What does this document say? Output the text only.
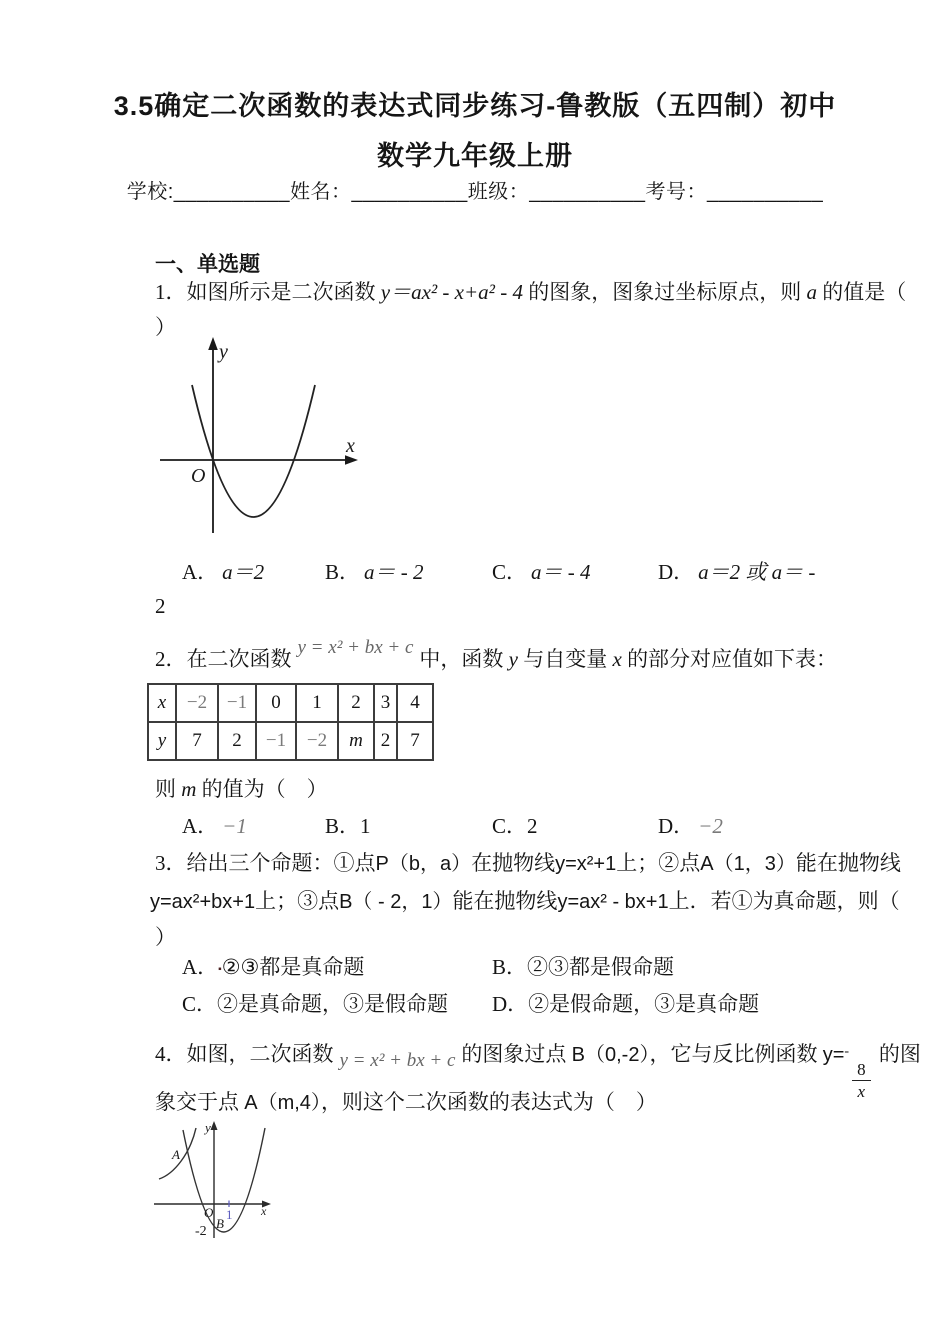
3.5确定二次函数的表达式同步练习-鲁教版（五四制）初中
数学九年级上册
学校:__________姓名：__________班级：__________考号：__________
一、单选题
1．如图所示是二次函数 y＝ax² - x+a² - 4 的图象，图象过坐标原点，则 a 的值是（
）
y
x
O
A． a＝2	B． a＝ - 2	C． a＝ - 4	D． a＝2 或 a＝ -
2
2．在二次函数 y = x² + bx + c 中，函数 y 与自变量 x 的部分对应值如下表：
x	−2	−1	0	1	2	3	4
y	7	2	−1	−2	m	2	7
则 m 的值为（　）
A． −1	B．1	C．2	D． −2
3．给出三个命题：①点P（b，a）在抛物线y=x²+1上；②点A（1，3）能在抛物线
y=ax²+bx+1上；③点B（ - 2，1）能在抛物线y=ax² - bx+1上．若①为真命题，则（
）
A．▪②③都是真命题	B．②③都是假命题
C．②是真命题，③是假命题 D．②是假命题，③是真命题
4．如图，二次函数 y = x² + bx + c 的图象过点 B（0,-2），它与反比例函数 y=-
$\frac{8}{x}$
的图
象交于点 A（m,4），则这个二次函数的表达式为（　）
y
x
O
A
B
1
-2
